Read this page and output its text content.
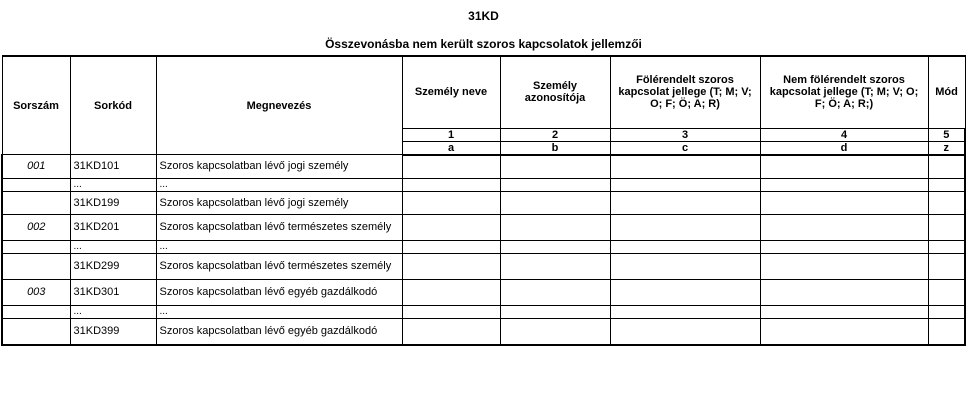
31KD
Összevonásba nem került szoros kapcsolatok jellemzői
Sorszám	Sorkód	Megnevezés	Személy neve	Személy azonosítója	Fölérendelt szoros kapcsolat jellege (T; M; V; O; F; Ö; A; R)	Nem fölérendelt szoros kapcsolat jellege (T; M; V; O; F; Ö; A; R;)	Mód
			1	2	3	4	5
			a	b	c	d	z
001	31KD101	Szoros kapcsolatban lévő jogi személy					
	...	...					
	31KD199	Szoros kapcsolatban lévő jogi személy					
002	31KD201	Szoros kapcsolatban lévő természetes személy					
	...	...					
	31KD299	Szoros kapcsolatban lévő természetes személy					
003	31KD301	Szoros kapcsolatban lévő egyéb gazdálkodó					
	...	...					
	31KD399	Szoros kapcsolatban lévő egyéb gazdálkodó					
